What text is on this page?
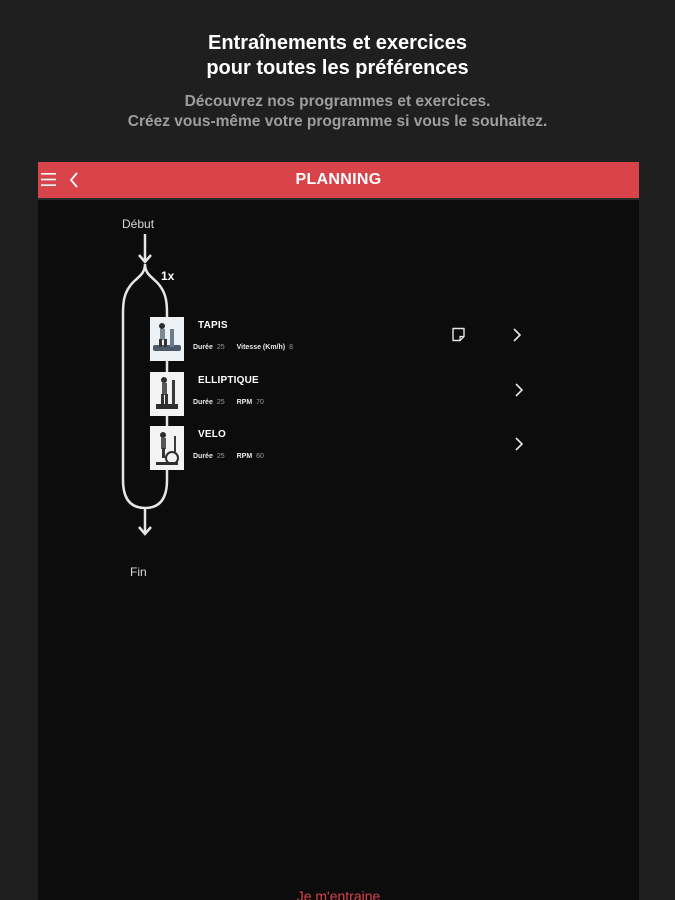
Entraînements et exercices
pour toutes les préférences
Découvrez nos programmes et exercices.
Créez vous-même votre programme si vous le souhaitez.
PLANNING
Début
1x
Fin
TAPIS
Durée 25 Vitesse (Km/h) 8
ELLIPTIQUE
Durée 25 RPM 70
VELO
Durée 25 RPM 60
Je m'entraine
